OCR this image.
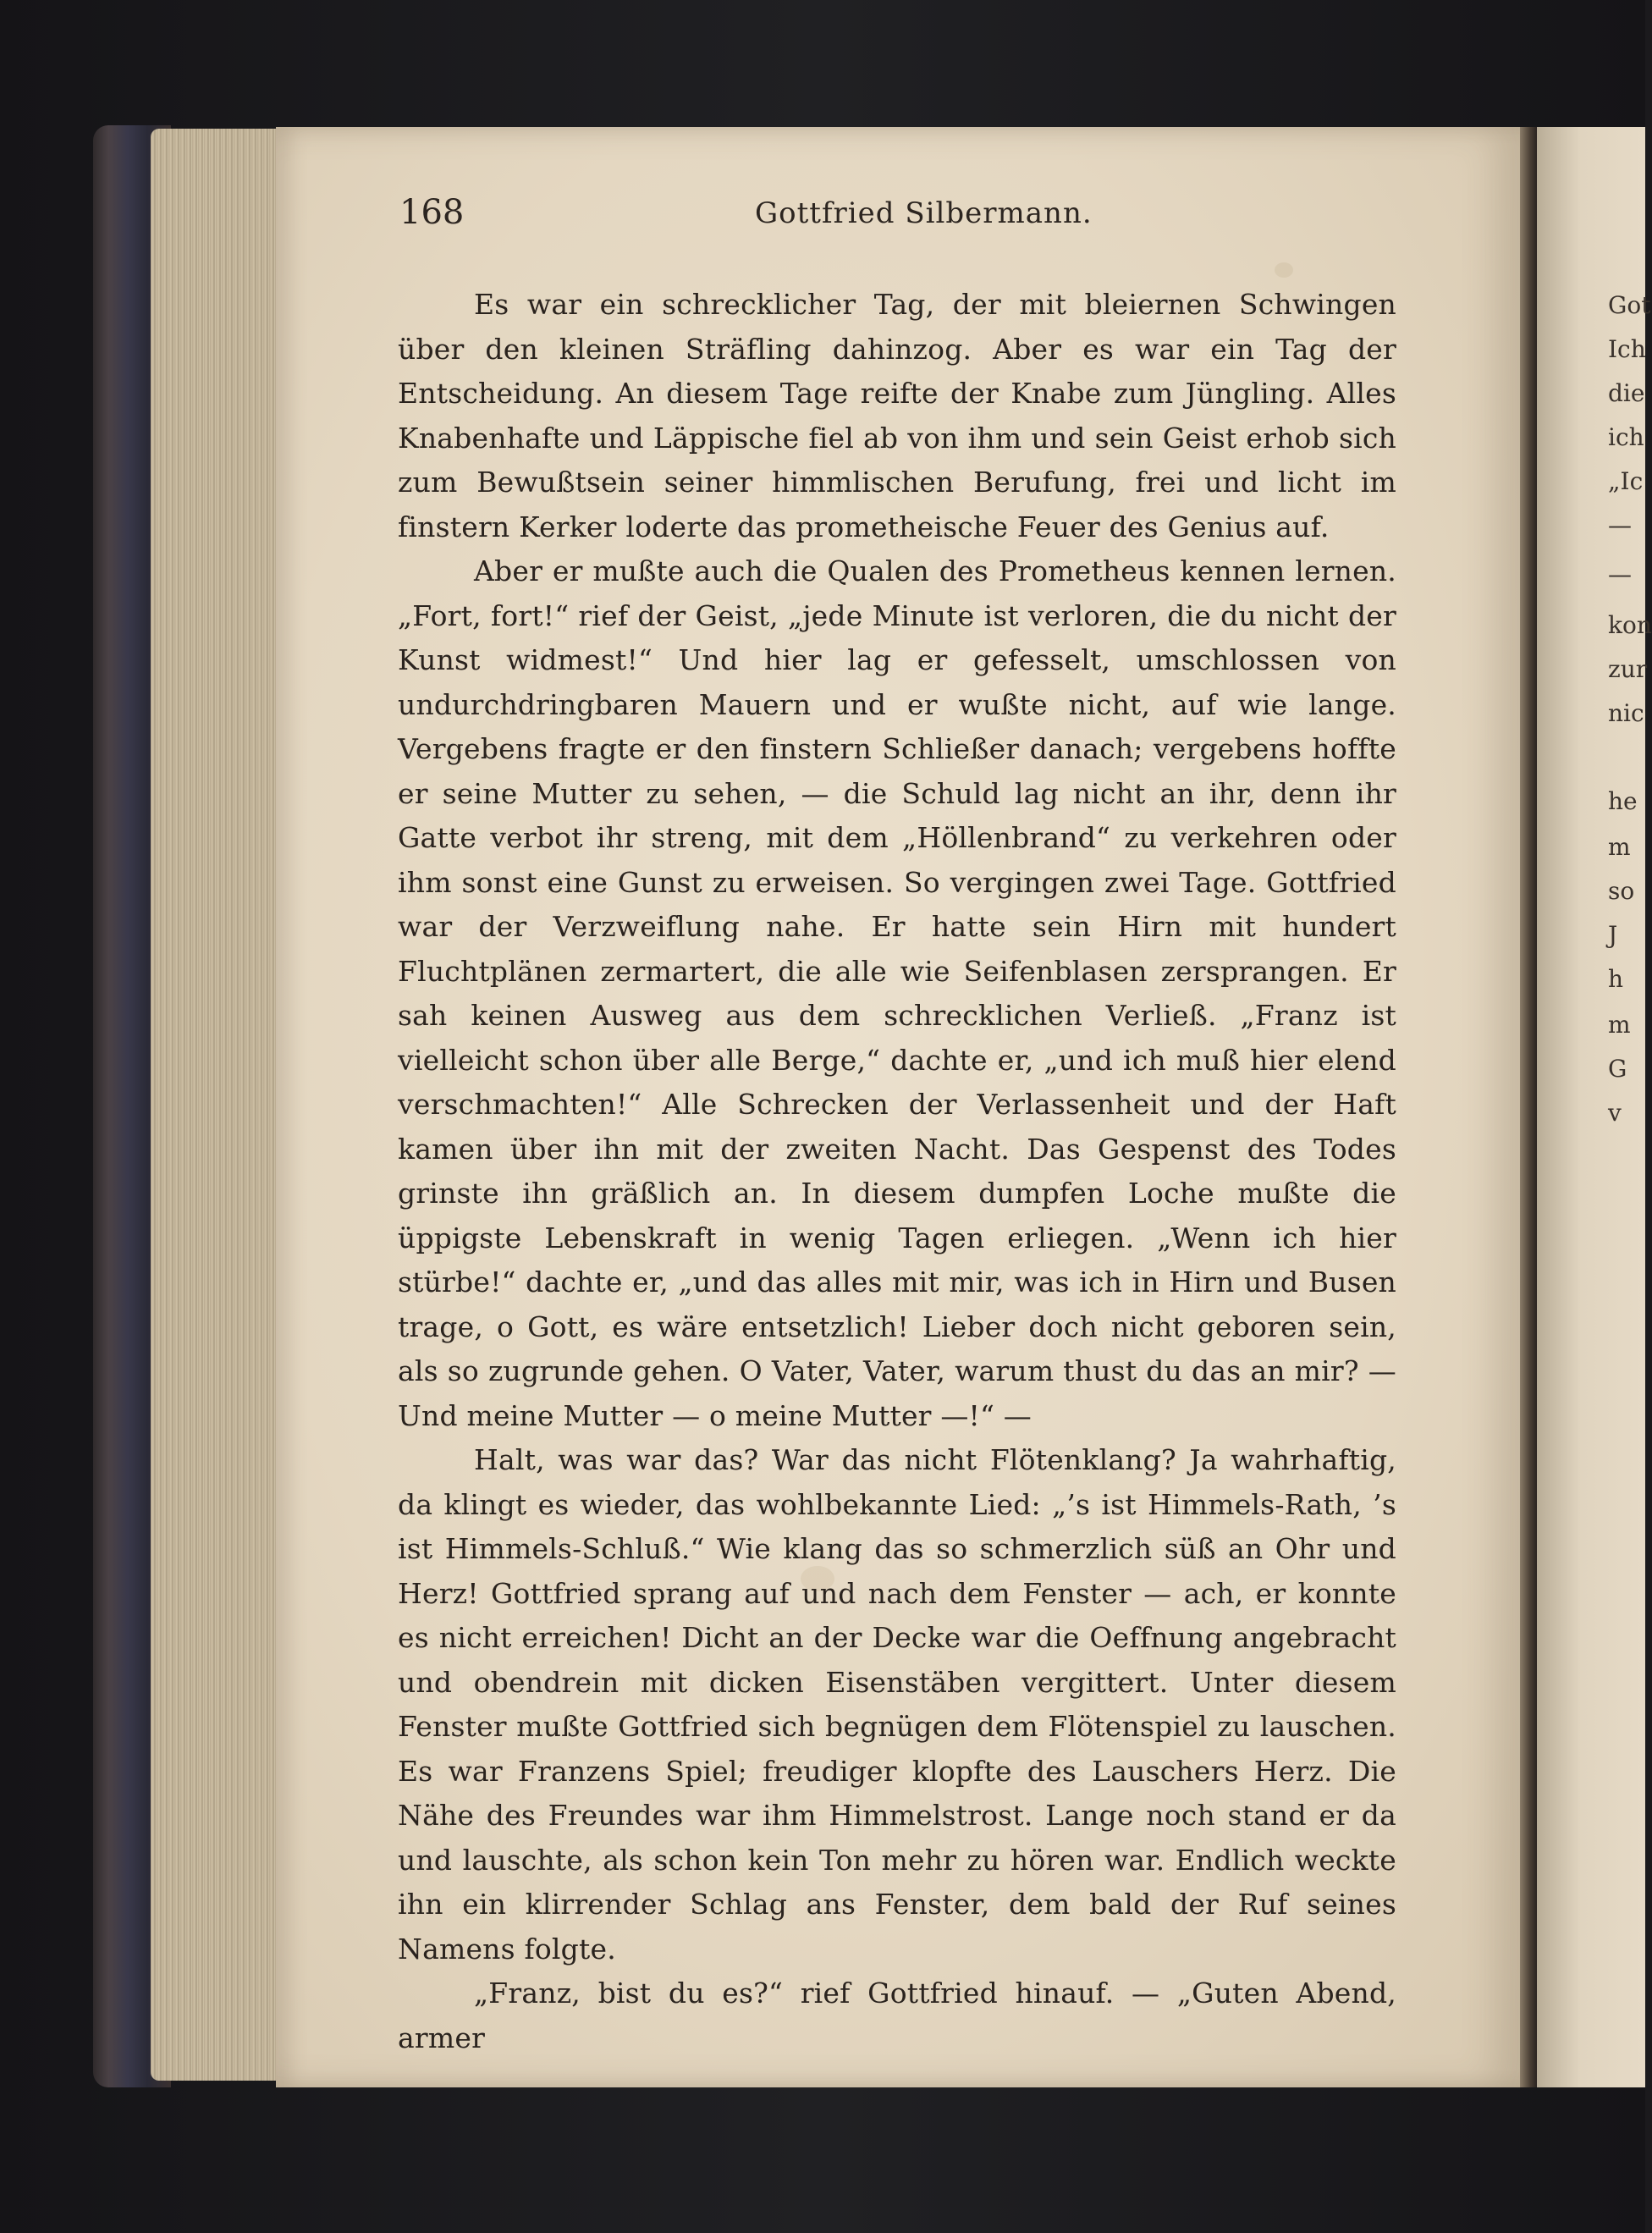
168	Gottfried Silbermann.

Es war ein schrecklicher Tag, der mit bleiernen Schwingen über den kleinen Sträfling dahinzog. Aber es war ein Tag der Entscheidung. An diesem Tage reifte der Knabe zum Jüngling. Alles Knabenhafte und Läppische fiel ab von ihm und sein Geist erhob sich zum Bewußtsein seiner himmlischen Berufung, frei und licht im finstern Kerker loderte das prometheische Feuer des Genius auf.

Aber er mußte auch die Qualen des Prometheus kennen lernen. „Fort, fort!“ rief der Geist, „jede Minute ist verloren, die du nicht der Kunst widmest!“ Und hier lag er gefesselt, umschlossen von undurchdringbaren Mauern und er wußte nicht, auf wie lange. Vergebens fragte er den finstern Schließer danach; vergebens hoffte er seine Mutter zu sehen, — die Schuld lag nicht an ihr, denn ihr Gatte verbot ihr streng, mit dem „Höllenbrand“ zu verkehren oder ihm sonst eine Gunst zu erweisen. So vergingen zwei Tage. Gottfried war der Verzweiflung nahe. Er hatte sein Hirn mit hundert Fluchtplänen zermartert, die alle wie Seifenblasen zersprangen. Er sah keinen Ausweg aus dem schrecklichen Verließ. „Franz ist vielleicht schon über alle Berge,“ dachte er, „und ich muß hier elend verschmachten!“ Alle Schrecken der Verlassenheit und der Haft kamen über ihn mit der zweiten Nacht. Das Gespenst des Todes grinste ihn gräßlich an. In diesem dumpfen Loche mußte die üppigste Lebenskraft in wenig Tagen erliegen. „Wenn ich hier stürbe!“ dachte er, „und das alles mit mir, was ich in Hirn und Busen trage, o Gott, es wäre entsetzlich! Lieber doch nicht geboren sein, als so zugrunde gehen. O Vater, Vater, warum thust du das an mir? — Und meine Mutter — o meine Mutter —!“ —

Halt, was war das? War das nicht Flötenklang? Ja wahrhaftig, da klingt es wieder, das wohlbekannte Lied: „’s ist Himmels-Rath, ’s ist Himmels-Schluß.“ Wie klang das so schmerzlich süß an Ohr und Herz! Gottfried sprang auf und nach dem Fenster — ach, er konnte es nicht erreichen! Dicht an der Decke war die Oeffnung angebracht und obendrein mit dicken Eisenstäben vergittert. Unter diesem Fenster mußte Gottfried sich begnügen dem Flötenspiel zu lauschen. Es war Franzens Spiel; freudiger klopfte des Lauschers Herz. Die Nähe des Freundes war ihm Himmelstrost. Lange noch stand er da und lauschte, als schon kein Ton mehr zu hören war. Endlich weckte ihn ein klirrender Schlag ans Fenster, dem bald der Ruf seines Namens folgte.

„Franz, bist du es?“ rief Gottfried hinauf. — „Guten Abend, armer

Got
Ich
die
ich
„Ic
—
—
kon
zur
nic
he
m
so
J
h
m
G
v
